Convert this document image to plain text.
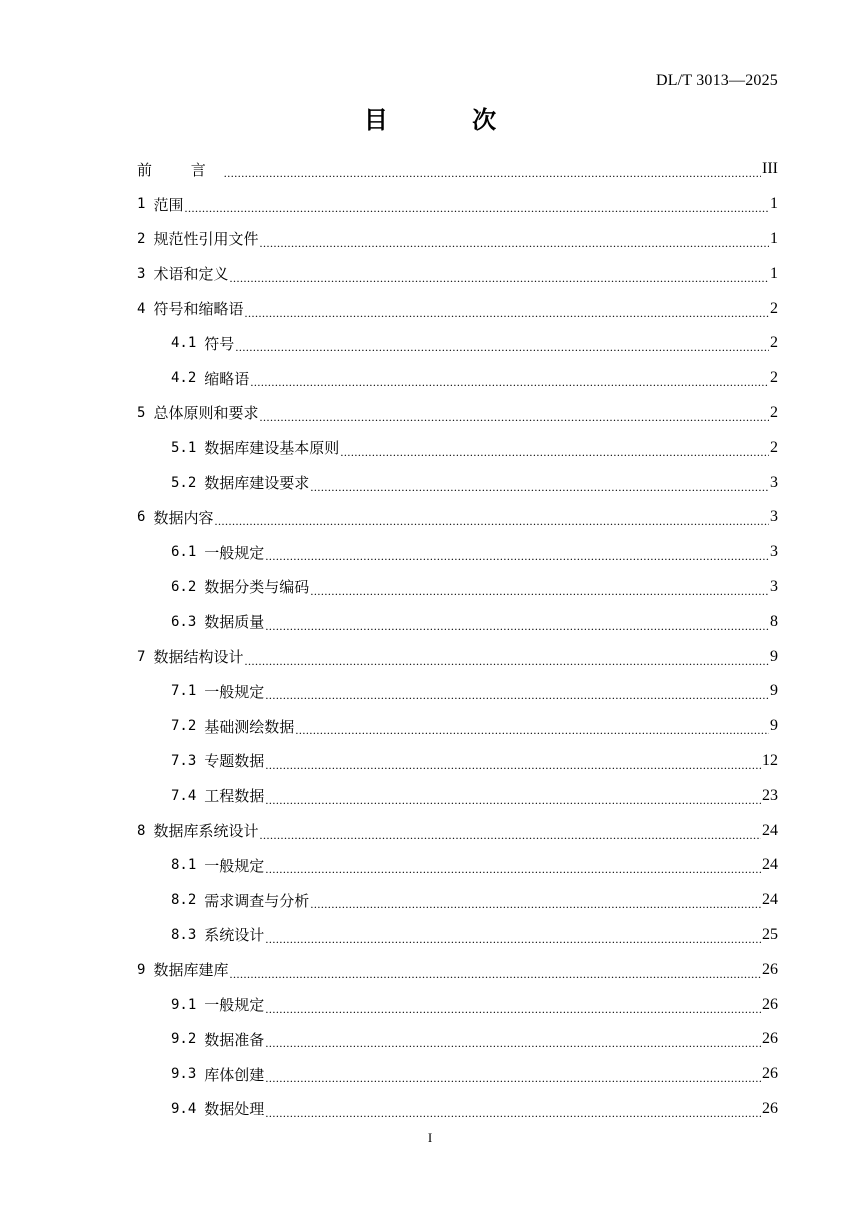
DL/T 3013—2025
目 次
前 言 .....	III
1 范围 .....	1
2 规范性引用文件 .....	1
3 术语和定义 .....	1
4 符号和缩略语 .....	2
4.1 符号 .....	2
4.2 缩略语 .....	2
5 总体原则和要求 .....	2
5.1 数据库建设基本原则 .....	2
5.2 数据库建设要求 .....	3
6 数据内容 .....	3
6.1 一般规定 .....	3
6.2 数据分类与编码 .....	3
6.3 数据质量 .....	8
7 数据结构设计 .....	9
7.1 一般规定 .....	9
7.2 基础测绘数据 .....	9
7.3 专题数据 .....	12
7.4 工程数据 .....	23
8 数据库系统设计 .....	24
8.1 一般规定 .....	24
8.2 需求调查与分析 .....	24
8.3 系统设计 .....	25
9 数据库建库 .....	26
9.1 一般规定 .....	26
9.2 数据准备 .....	26
9.3 库体创建 .....	26
9.4 数据处理 .....	26
I
